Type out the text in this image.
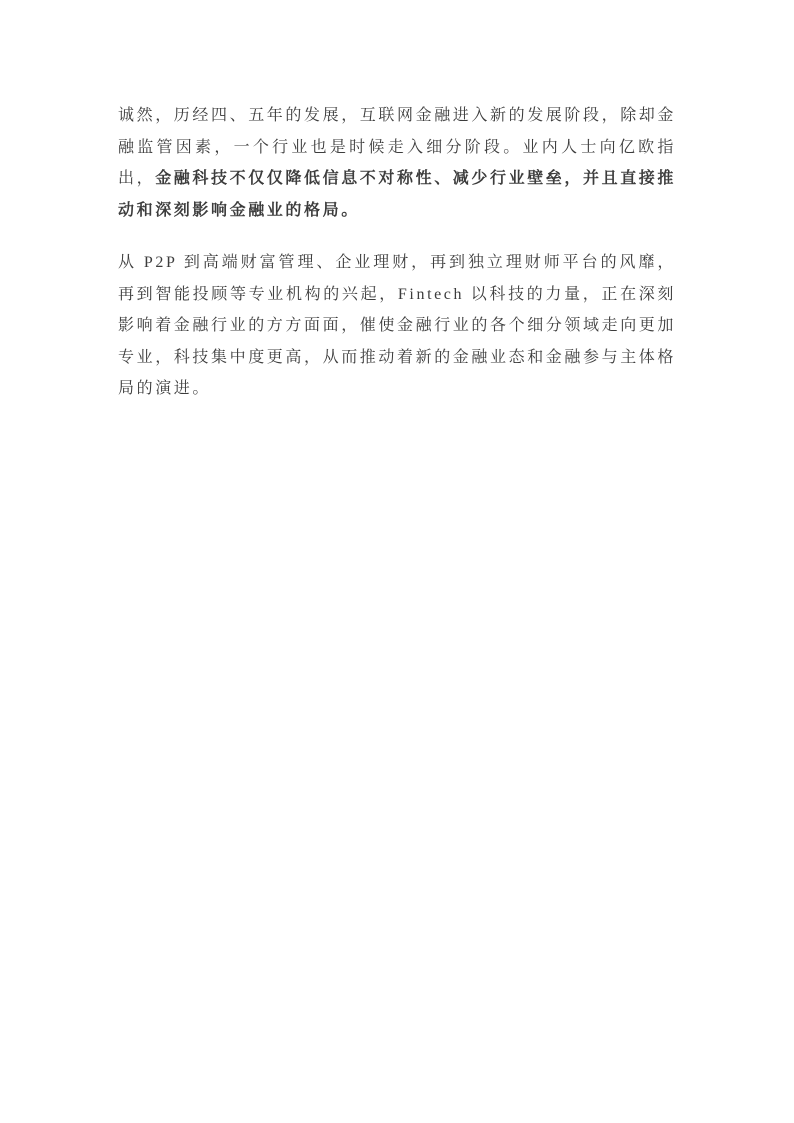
诚然，历经四、五年的发展，互联网金融进入新的发展阶段，除却金融监管因素，一个行业也是时候走入细分阶段。业内人士向亿欧指出，金融科技不仅仅降低信息不对称性、减少行业壁垒，并且直接推动和深刻影响金融业的格局。

从 P2P 到高端财富管理、企业理财，再到独立理财师平台的风靡，再到智能投顾等专业机构的兴起，Fintech 以科技的力量，正在深刻影响着金融行业的方方面面，催使金融行业的各个细分领域走向更加专业，科技集中度更高，从而推动着新的金融业态和金融参与主体格局的演进。
